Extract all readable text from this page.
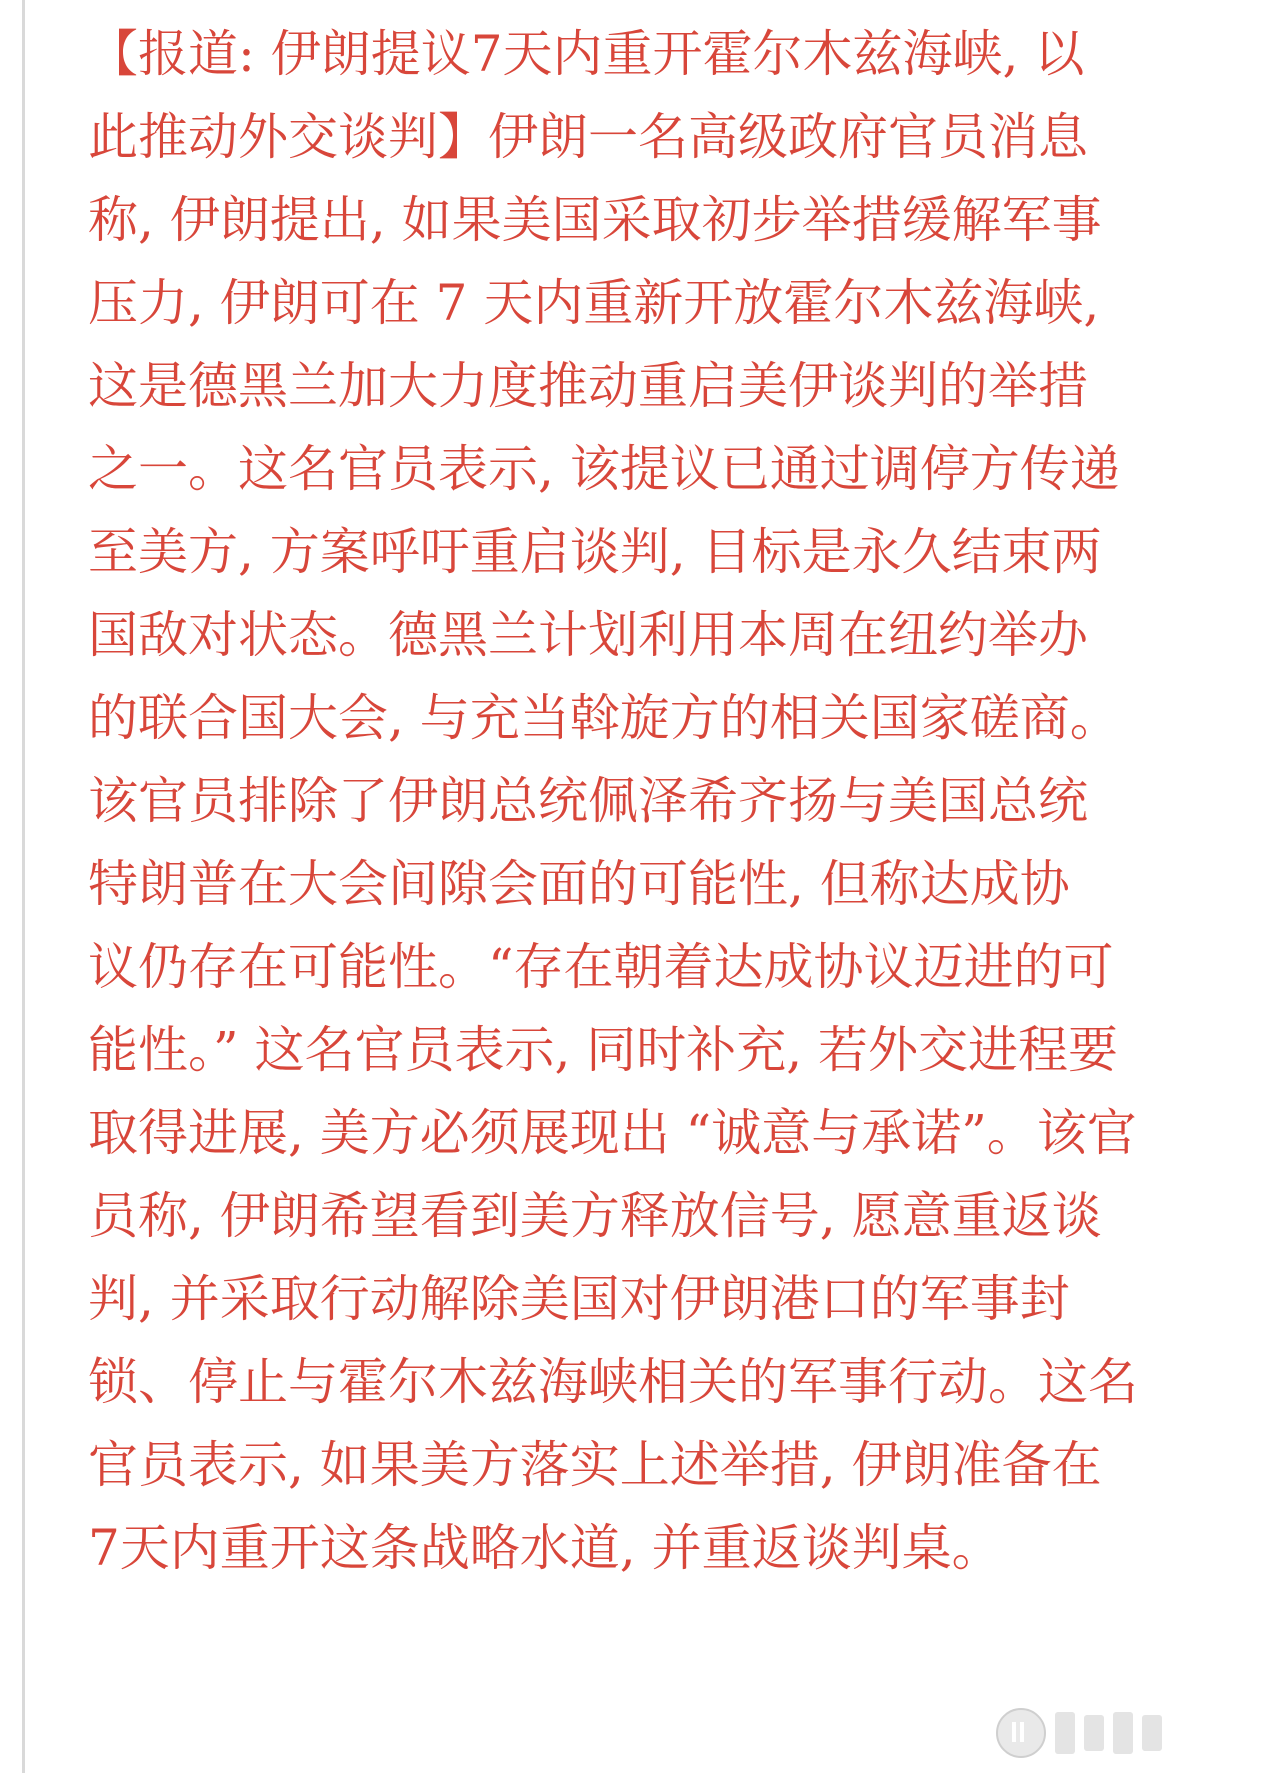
【报道: 伊朗提议7天内重开霍尔木兹海峡, 以
此推动外交谈判】伊朗一名高级政府官员消息
称, 伊朗提出, 如果美国采取初步举措缓解军事
压力, 伊朗可在 7 天内重新开放霍尔木兹海峡,
这是德黑兰加大力度推动重启美伊谈判的举措
之一。这名官员表示, 该提议已通过调停方传递
至美方, 方案呼吁重启谈判, 目标是永久结束两
国敌对状态。德黑兰计划利用本周在纽约举办
的联合国大会, 与充当斡旋方的相关国家磋商。
该官员排除了伊朗总统佩泽希齐扬与美国总统
特朗普在大会间隙会面的可能性, 但称达成协
议仍存在可能性。“存在朝着达成协议迈进的可
能性。” 这名官员表示, 同时补充, 若外交进程要
取得进展, 美方必须展现出 “诚意与承诺”。该官
员称, 伊朗希望看到美方释放信号, 愿意重返谈
判, 并采取行动解除美国对伊朗港口的军事封
锁、停止与霍尔木兹海峡相关的军事行动。这名
官员表示, 如果美方落实上述举措, 伊朗准备在
7天内重开这条战略水道, 并重返谈判桌。
